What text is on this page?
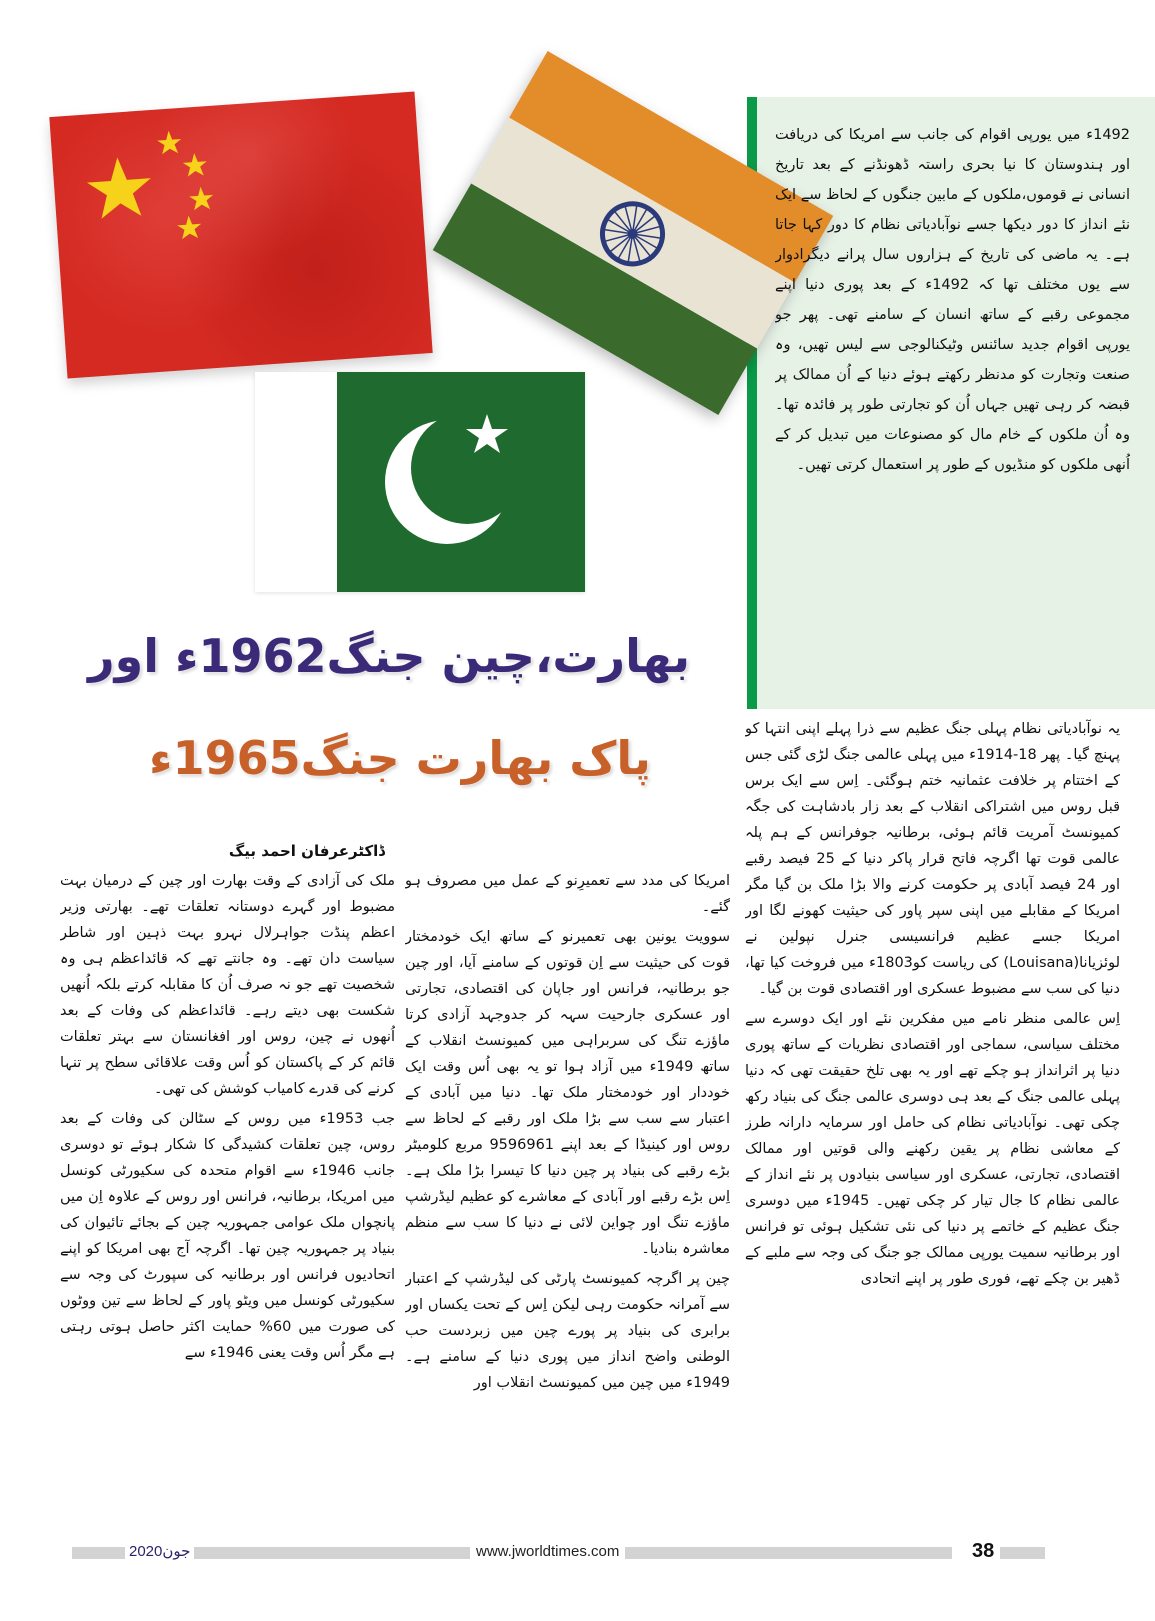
1492ء میں یورپی اقوام کی جانب سے امریکا کی دریافت اور ہندوستان کا نیا بحری راستہ ڈھونڈنے کے بعد تاریخ انسانی نے قوموں،ملکوں کے مابین جنگوں کے لحاظ سے ایک نئے انداز کا دور دیکھا جسے نوآبادیاتی نظام کا دور کہا جاتا ہے۔ یہ ماضی کی تاریخ کے ہزاروں سال پرانے دیگرادوار سے یوں مختلف تھا کہ 1492ء کے بعد پوری دنیا اپنے مجموعی رقبے کے ساتھ انسان کے سامنے تھی۔ پھر جو یورپی اقوام جدید سائنس وٹیکنالوجی سے لیس تھیں، وہ صنعت وتجارت کو مدنظر رکھتے ہوئے دنیا کے اُن ممالک پر قبضہ کر رہی تھیں جہاں اُن کو تجارتی طور پر فائدہ تھا۔ وہ اُن ملکوں کے خام مال کو مصنوعات میں تبدیل کر کے اُنھی ملکوں کو منڈیوں کے طور پر استعمال کرتی تھیں۔

بھارت،چین جنگ1962ء اور
پاک بھارت جنگ1965ء
ڈاکٹرعرفان احمد بیگ

ملک کی آزادی کے وقت بھارت اور چین کے درمیان بہت مضبوط اور گہرے دوستانہ تعلقات تھے۔ بھارتی وزیر اعظم پنڈت جواہرلال نہرو بہت ذہین اور شاطر سیاست دان تھے۔ وہ جانتے تھے کہ قائداعظم ہی وہ شخصیت تھے جو نہ صرف اُن کا مقابلہ کرتے بلکہ اُنھیں شکست بھی دیتے رہے۔ قائداعظم کی وفات کے بعد اُنھوں نے چین، روس اور افغانستان سے بہتر تعلقات قائم کر کے پاکستان کو اُس وقت علاقائی سطح پر تنہا کرنے کی قدرے کامیاب کوشش کی تھی۔

جب 1953ء میں روس کے سٹالن کی وفات کے بعد روس، چین تعلقات کشیدگی کا شکار ہوئے تو دوسری جانب 1946ء سے اقوام متحدہ کی سکیورٹی کونسل میں امریکا، برطانیہ، فرانس اور روس کے علاوہ اِن میں پانچواں ملک عوامی جمہوریہ چین کے بجائے تائیوان کی بنیاد پر جمہوریہ چین تھا۔ اگرچہ آج بھی امریکا کو اپنے اتحادیوں فرانس اور برطانیہ کی سپورٹ کی وجہ سے سکیورٹی کونسل میں ویٹو پاور کے لحاظ سے تین ووٹوں کی صورت میں 60% حمایت اکثر حاصل ہوتی رہتی ہے مگر اُس وقت یعنی 1946ء سے

امریکا کی مدد سے تعمیرِنو کے عمل میں مصروف ہو گئے۔

سوویت یونین بھی تعمیرنو کے ساتھ ایک خودمختار قوت کی حیثیت سے اِن قوتوں کے سامنے آیا، اور چین جو برطانیہ، فرانس اور جاپان کی اقتصادی، تجارتی اور عسکری جارحیت سہہ کر جدوجہد آزادی کرتا ماؤزے تنگ کی سربراہی میں کمیونسٹ انقلاب کے ساتھ 1949ء میں آزاد ہوا تو یہ بھی اُس وقت ایک خوددار اور خودمختار ملک تھا۔ دنیا میں آبادی کے اعتبار سے سب سے بڑا ملک اور رقبے کے لحاظ سے روس اور کینیڈا کے بعد اپنے 9596961 مربع کلومیٹر بڑے رقبے کی بنیاد پر چین دنیا کا تیسرا بڑا ملک ہے۔ اِس بڑے رقبے اور آبادی کے معاشرے کو عظیم لیڈرشپ ماؤزے تنگ اور چواین لائی نے دنیا کا سب سے منظم معاشرہ بنادیا۔

چین پر اگرچہ کمیونسٹ پارٹی کی لیڈرشپ کے اعتبار سے آمرانہ حکومت رہی لیکن اِس کے تحت یکساں اور برابری کی بنیاد پر پورے چین میں زبردست حب الوطنی واضح انداز میں پوری دنیا کے سامنے ہے۔ 1949ء میں چین میں کمیونسٹ انقلاب اور

یہ نوآبادیاتی نظام پہلی جنگ عظیم سے ذرا پہلے اپنی انتہا کو پہنچ گیا۔ پھر 18-1914ء میں پہلی عالمی جنگ لڑی گئی جس کے اختتام پر خلافت عثمانیہ ختم ہوگئی۔ اِس سے ایک برس قبل روس میں اشتراکی انقلاب کے بعد زار بادشاہت کی جگہ کمیونسٹ آمریت قائم ہوئی، برطانیہ جوفرانس کے ہم پلہ عالمی قوت تھا اگرچہ فاتح قرار پاکر دنیا کے 25 فیصد رقبے اور 24 فیصد آبادی پر حکومت کرنے والا بڑا ملک بن گیا مگر امریکا کے مقابلے میں اپنی سپر پاور کی حیثیت کھونے لگا اور امریکا جسے عظیم فرانسیسی جنرل نپولین نے لوئزیانا(Louisana) کی ریاست کو1803ء میں فروخت کیا تھا، دنیا کی سب سے مضبوط عسکری اور اقتصادی قوت بن گیا۔

اِس عالمی منظر نامے میں مفکرین نئے اور ایک دوسرے سے مختلف سیاسی، سماجی اور اقتصادی نظریات کے ساتھ پوری دنیا پر اثرانداز ہو چکے تھے اور یہ بھی تلخ حقیقت تھی کہ دنیا پہلی عالمی جنگ کے بعد ہی دوسری عالمی جنگ کی بنیاد رکھ چکی تھی۔ نوآبادیاتی نظام کی حامل اور سرمایہ دارانہ طرز کے معاشی نظام پر یقین رکھنے والی قوتیں اور ممالک اقتصادی، تجارتی، عسکری اور سیاسی بنیادوں پر نئے انداز کے عالمی نظام کا جال تیار کر چکی تھیں۔ 1945ء میں دوسری جنگ عظیم کے خاتمے پر دنیا کی نئی تشکیل ہوئی تو فرانس اور برطانیہ سمیت یورپی ممالک جو جنگ کی وجہ سے ملبے کے ڈھیر بن چکے تھے، فوری طور پر اپنے اتحادی

جون2020	www.jworldtimes.com	38
